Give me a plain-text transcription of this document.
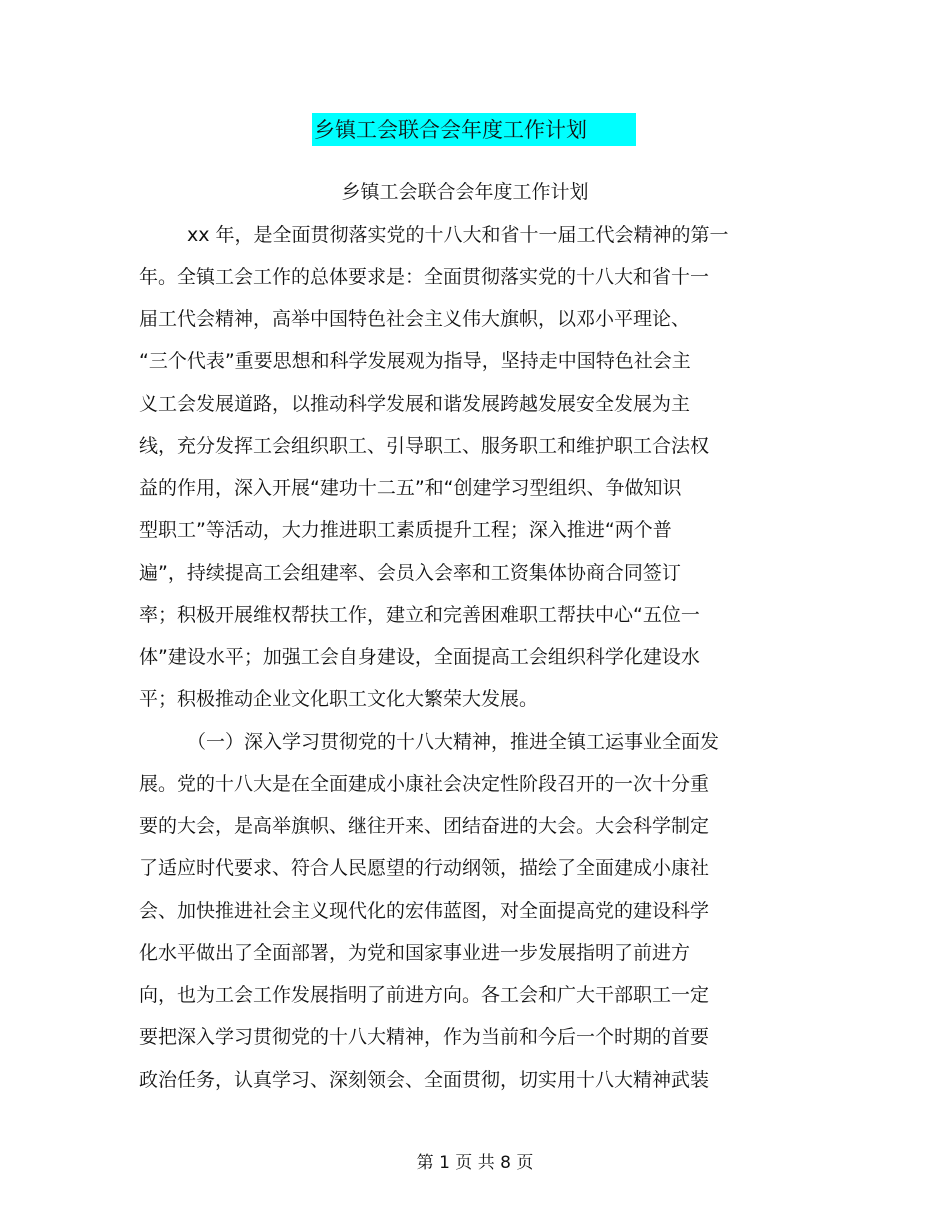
乡镇工会联合会年度工作计划
乡镇工会联合会年度工作计划
xx 年，是全面贯彻落实党的十八大和省十一届工代会精神的第一
年。全镇工会工作的总体要求是：全面贯彻落实党的十八大和省十一
届工代会精神，高举中国特色社会主义伟大旗帜，以邓小平理论、
“三个代表”重要思想和科学发展观为指导，坚持走中国特色社会主
义工会发展道路，以推动科学发展和谐发展跨越发展安全发展为主
线，充分发挥工会组织职工、引导职工、服务职工和维护职工合法权
益的作用，深入开展“建功十二五”和“创建学习型组织、争做知识
型职工”等活动，大力推进职工素质提升工程；深入推进“两个普
遍”，持续提高工会组建率、会员入会率和工资集体协商合同签订
率；积极开展维权帮扶工作，建立和完善困难职工帮扶中心“五位一
体”建设水平；加强工会自身建设，全面提高工会组织科学化建设水
平；积极推动企业文化职工文化大繁荣大发展。
（一）深入学习贯彻党的十八大精神，推进全镇工运事业全面发
展。党的十八大是在全面建成小康社会决定性阶段召开的一次十分重
要的大会，是高举旗帜、继往开来、团结奋进的大会。大会科学制定
了适应时代要求、符合人民愿望的行动纲领，描绘了全面建成小康社
会、加快推进社会主义现代化的宏伟蓝图，对全面提高党的建设科学
化水平做出了全面部署，为党和国家事业进一步发展指明了前进方
向，也为工会工作发展指明了前进方向。各工会和广大干部职工一定
要把深入学习贯彻党的十八大精神，作为当前和今后一个时期的首要
政治任务，认真学习、深刻领会、全面贯彻，切实用十八大精神武装
第 1 页 共 8 页
